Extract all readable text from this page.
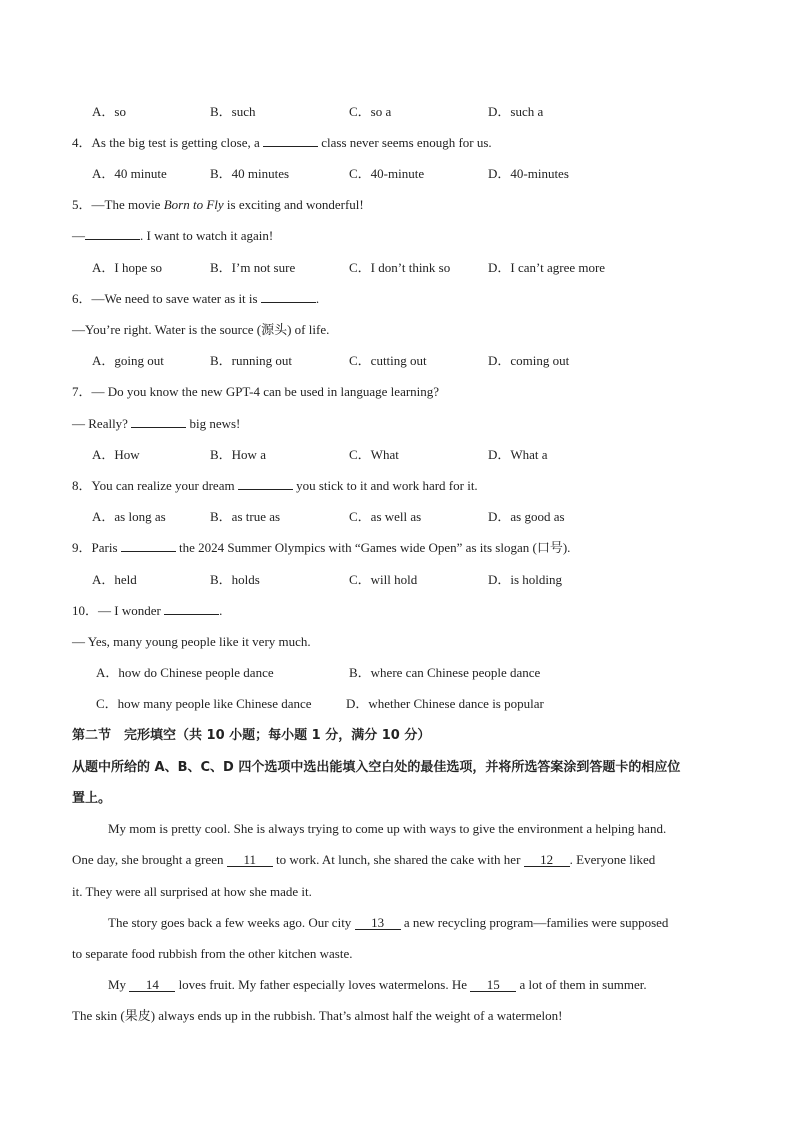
A．so	B．such	C．so a	D．such a
4．As the big test is getting close, a	class never seems enough for us.
A．40 minute	B．40 minutes	C．40-minute	D．40-minutes
5．—The movie Born to Fly is exciting and wonderful!
—	. I want to watch it again!
A．I hope so	B．I’m not sure	C．I don’t think so	D．I can’t agree more
6．—We need to save water as it is	.
—You’re right. Water is the source (源头) of life.
A．going out	B．running out	C．cutting out	D．coming out
7．— Do you know the new GPT-4 can be used in language learning?
— Really?	big news!
A．How	B．How a	C．What	D．What a
8．You can realize your dream	you stick to it and work hard for it.
A．as long as	B．as true as	C．as well as	D．as good as
9．Paris	the 2024 Summer Olympics with “Games wide Open” as its slogan (口号).
A．held	B．holds	C．will hold	D．is holding
10．— I wonder	.
— Yes, many young people like it very much.
A．how do Chinese people dance	B．where can Chinese people dance
C．how many people like Chinese dance	D．whether Chinese dance is popular
第二节　完形填空（共 10 小题；每小题 1 分，满分 10 分）
从题中所给的 A、B、C、D 四个选项中选出能填入空白处的最佳选项，并将所选答案涂到答题卡的相应位
置上。
My mom is pretty cool. She is always trying to come up with ways to give the environment a helping hand.
One day, she brought a green 11 to work. At lunch, she shared the cake with her 12 . Everyone liked
it. They were all surprised at how she made it.
The story goes back a few weeks ago. Our city 13 a new recycling program—families were supposed
to separate food rubbish from the other kitchen waste.
My 14 loves fruit. My father especially loves watermelons. He 15 a lot of them in summer.
The skin (果皮) always ends up in the rubbish. That’s almost half the weight of a watermelon!
